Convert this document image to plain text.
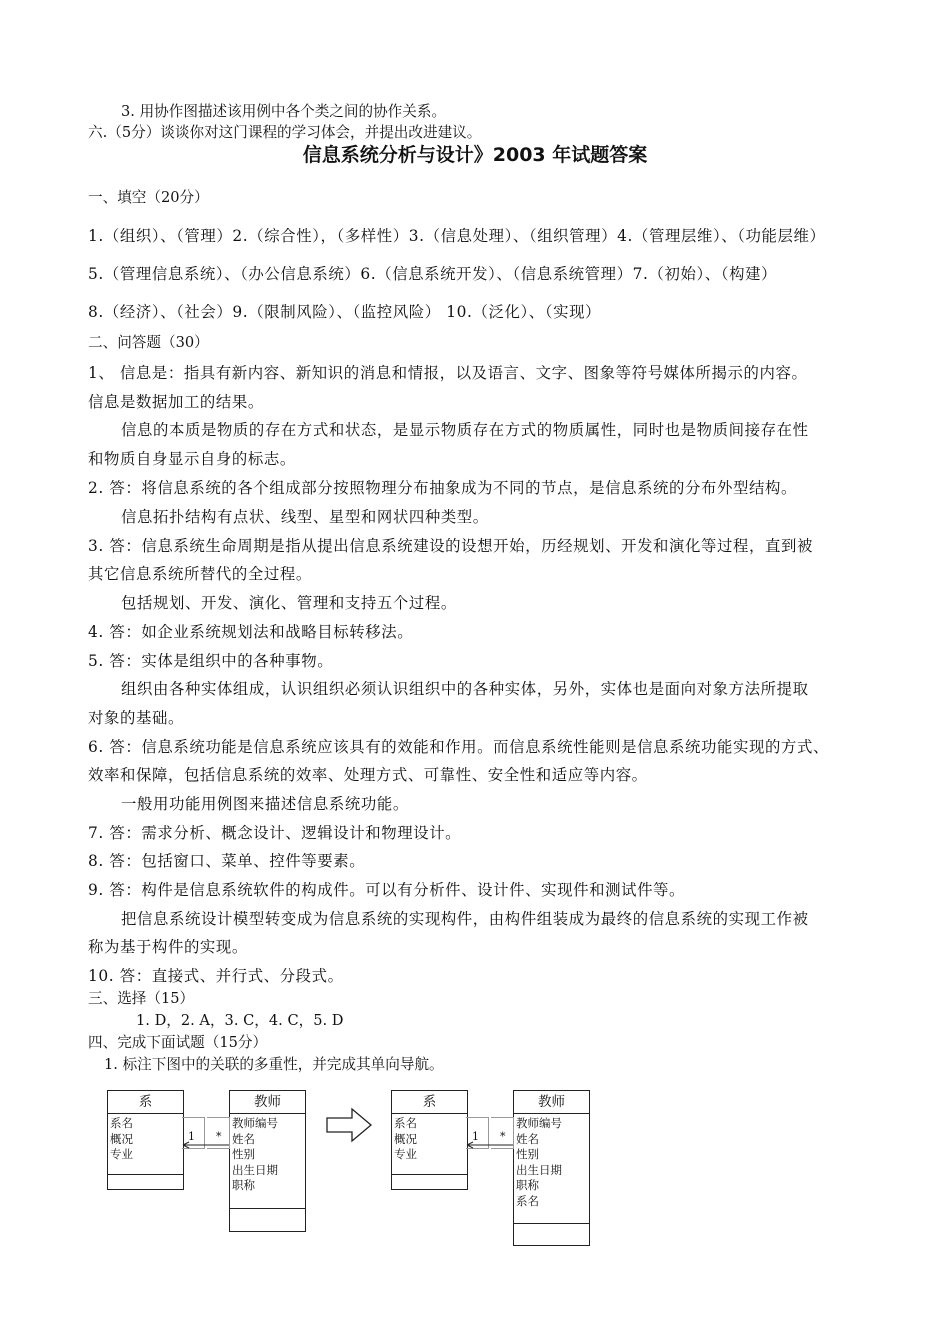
3. 用协作图描述该用例中各个类之间的协作关系。
六.（5分）谈谈你对这门课程的学习体会，并提出改进建议。
信息系统分析与设计》2003 年试题答案
一、填空（20分）
1.（组织）、（管理）2.（综合性），（多样性）3.（信息处理）、（组织管理）4.（管理层维）、（功能层维）
5.（管理信息系统）、（办公信息系统）6.（信息系统开发）、（信息系统管理）7.（初始）、（构建）
8.（经济）、（社会）9.（限制风险）、（监控风险） 10.（泛化）、（实现）
二、问答题（30）
1、 信息是：指具有新内容、新知识的消息和情报，以及语言、文字、图象等符号媒体所揭示的内容。
信息是数据加工的结果。
信息的本质是物质的存在方式和状态，是显示物质存在方式的物质属性，同时也是物质间接存在性
和物质自身显示自身的标志。
2. 答：将信息系统的各个组成部分按照物理分布抽象成为不同的节点，是信息系统的分布外型结构。
信息拓扑结构有点状、线型、星型和网状四种类型。
3. 答：信息系统生命周期是指从提出信息系统建设的设想开始，历经规划、开发和演化等过程，直到被
其它信息系统所替代的全过程。
包括规划、开发、演化、管理和支持五个过程。
4. 答：如企业系统规划法和战略目标转移法。
5. 答：实体是组织中的各种事物。
组织由各种实体组成，认识组织必须认识组织中的各种实体，另外，实体也是面向对象方法所提取
对象的基础。
6. 答：信息系统功能是信息系统应该具有的效能和作用。而信息系统性能则是信息系统功能实现的方式、
效率和保障，包括信息系统的效率、处理方式、可靠性、安全性和适应等内容。
一般用功能用例图来描述信息系统功能。
7. 答：需求分析、概念设计、逻辑设计和物理设计。
8. 答：包括窗口、菜单、控件等要素。
9. 答：构件是信息系统软件的构成件。可以有分析件、设计件、实现件和测试件等。
把信息系统设计模型转变成为信息系统的实现构件，由构件组装成为最终的信息系统的实现工作被
称为基于构件的实现。
10. 答：直接式、并行式、分段式。
三、选择（15）
1. D，2. A，3. C，4. C，5. D
四、完成下面试题（15分）
1. 标注下图中的关联的多重性，并完成其单向导航。
系
系名
概况
专业
教师
教师编号
姓名
性别
出生日期
职称
1 *
系
系名
概况
专业
教师
教师编号
姓名
性别
出生日期
职称
系名
1 *
